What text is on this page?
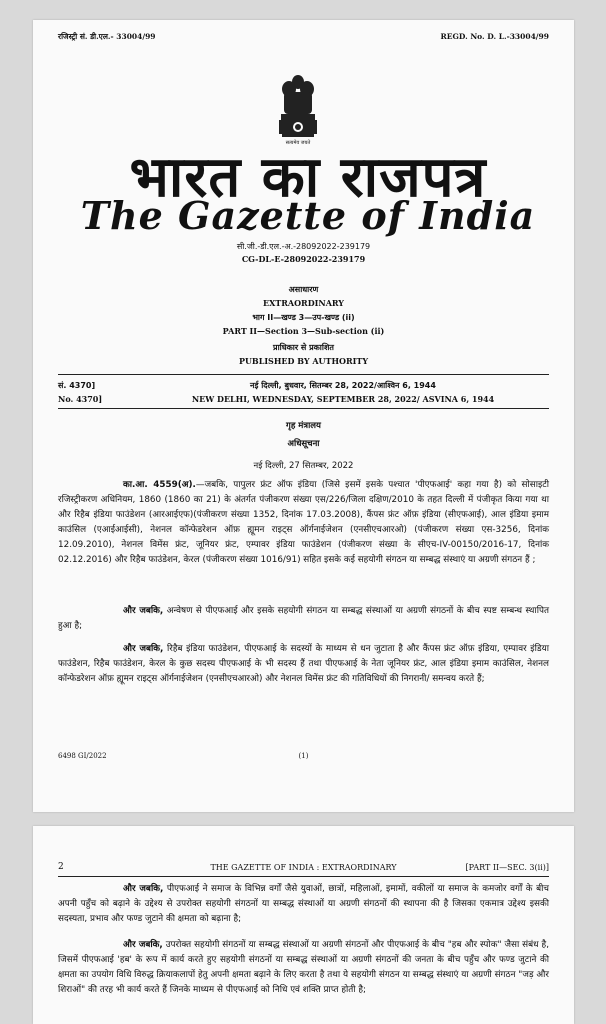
रजिस्ट्री सं. डी.एल.- 33004/99	REGD. No. D. L.-33004/99
सत्यमेव जयते
भारत का राजपत्र
The Gazette of India
सी.जी.-डी.एल.-अ.-28092022-239179
CG-DL-E-28092022-239179
असाधारण
EXTRAORDINARY
भाग II—खण्ड 3—उप-खण्ड (ii)
PART II—Section 3—Sub-section (ii)
प्राधिकार से प्रकाशित
PUBLISHED BY AUTHORITY
सं. 4370]	नई दिल्ली, बुधवार, सितम्बर 28, 2022/आश्विन 6, 1944
No. 4370]	NEW DELHI, WEDNESDAY, SEPTEMBER 28, 2022/ ASVINA 6, 1944
गृह मंत्रालय
अधिसूचना
नई दिल्ली, 27 सितम्बर, 2022
का.आ. 4559(अ).—जबकि, पापुलर फ्रंट ऑफ इंडिया (जिसे इसमें इसके पश्चात 'पीएफआई' कहा गया है) को सोसाइटी रजिस्ट्रीकरण अधिनियम, 1860 (1860 का 21) के अंतर्गत पंजीकरण संख्या एस/226/जिला दक्षिण/2010 के तहत दिल्ली में पंजीकृत किया गया था और रिहैब इंडिया फाउंडेशन (आरआईएफ)(पंजीकरण संख्या 1352, दिनांक 17.03.2008), कैंपस फ्रंट ऑफ़ इंडिया (सीएफआई), आल इंडिया इमाम काउंसिल (एआईआईसी), नेशनल कॉन्फेडरेशन ऑफ़ ह्यूमन राइट्स ऑर्गनाईजेशन (एनसीएचआरओ) (पंजीकरण संख्या एस-3256, दिनांक 12.09.2010), नेशनल विमेंस फ्रंट, जूनियर फ्रंट, एम्पावर इंडिया फाउंडेशन (पंजीकरण संख्या के सीएच-IV-00150/2016-17, दिनांक 02.12.2016) और रिहैब फाउंडेशन, केरल (पंजीकरण संख्या 1016/91) सहित इसके कई सहयोगी संगठन या सम्बद्ध संस्थाएं या अग्रणी संगठन हैं ;
और जबकि, अन्वेषण से पीएफआई और इसके सहयोगी संगठन या सम्बद्ध संस्थाओं या अग्रणी संगठनों के बीच स्पष्ट सम्बन्ध स्थापित हुआ है;
और जबकि, रिहैब इंडिया फाउंडेशन, पीएफआई के सदस्यों के माध्यम से धन जुटाता है और कैंपस फ्रंट ऑफ़ इंडिया, एम्पावर इंडिया फाउंडेशन, रिहैब फाउंडेशन, केरल के कुछ सदस्य पीएफआई के भी सदस्य हैं तथा पीएफआई के नेता जूनियर फ्रंट, आल इंडिया इमाम काउंसिल, नेशनल कॉन्फेडरेशन ऑफ़ ह्यूमन राइट्स ऑर्गनाईजेशन (एनसीएचआरओ) और नेशनल विमेंस फ्रंट की गतिविधियों की निगरानी/ समन्वय करते हैं;
6498 GI/2022	(1)
2	THE GAZETTE OF INDIA : EXTRAORDINARY	[PART II—SEC. 3(ii)]
और जबकि, पीएफआई ने समाज के विभिन्न वर्गों जैसे युवाओं, छात्रों, महिलाओं, इमामों, वकीलों या समाज के कमजोर वर्गों के बीच अपनी पहुँच को बढ़ाने के उद्देश्य से उपरोक्त सहयोगी संगठनों या सम्बद्ध संस्थाओं या अग्रणी संगठनों की स्थापना की है जिसका एकमात्र उद्देश्य इसकी सदस्यता, प्रभाव और फण्ड जुटाने की क्षमता को बढ़ाना है;
और जबकि, उपरोक्त सहयोगी संगठनों या सम्बद्ध संस्थाओं या अग्रणी संगठनों और पीएफआई के बीच "हब और स्पोक" जैसा संबंध है, जिसमें पीएफआई 'हब' के रूप में कार्य करते हुए सहयोगी संगठनों या सम्बद्ध संस्थाओं या अग्रणी संगठनों की जनता के बीच पहुँच और फण्ड जुटाने की क्षमता का उपयोग विधि विरुद्ध क्रियाकलापों हेतु अपनी क्षमता बढ़ाने के लिए करता है तथा ये सहयोगी संगठन या सम्बद्ध संस्थाएं या अग्रणी संगठन "जड़ और शिराओं" की तरह भी कार्य करते हैं जिनके माध्यम से पीएफआई को निधि एवं शक्ति प्राप्त होती है;
